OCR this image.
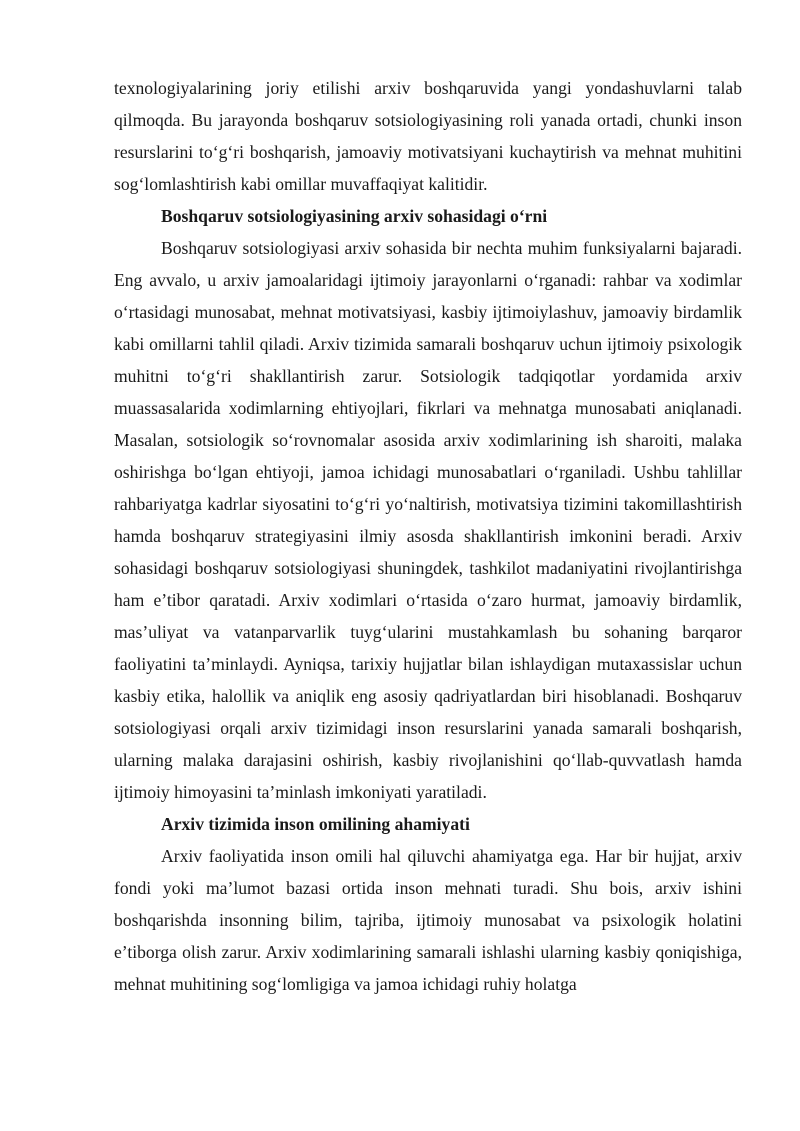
texnologiyalarining joriy etilishi arxiv boshqaruvida yangi yondashuvlarni talab qilmoqda. Bu jarayonda boshqaruv sotsiologiyasining roli yanada ortadi, chunki inson resurslarini to‘g‘ri boshqarish, jamoaviy motivatsiyani kuchaytirish va mehnat muhitini sog‘lomlashtirish kabi omillar muvaffaqiyat kalitidir.

Boshqaruv sotsiologiyasining arxiv sohasidagi o‘rni

Boshqaruv sotsiologiyasi arxiv sohasida bir nechta muhim funksiyalarni bajaradi. Eng avvalo, u arxiv jamoalaridagi ijtimoiy jarayonlarni o‘rganadi: rahbar va xodimlar o‘rtasidagi munosabat, mehnat motivatsiyasi, kasbiy ijtimoiylashuv, jamoaviy birdamlik kabi omillarni tahlil qiladi. Arxiv tizimida samarali boshqaruv uchun ijtimoiy psixologik muhitni to‘g‘ri shakllantirish zarur. Sotsiologik tadqiqotlar yordamida arxiv muassasalarida xodimlarning ehtiyojlari, fikrlari va mehnatga munosabati aniqlanadi. Masalan, sotsiologik so‘rovnomalar asosida arxiv xodimlarining ish sharoiti, malaka oshirishga bo‘lgan ehtiyoji, jamoa ichidagi munosabatlari o‘rganiladi. Ushbu tahlillar rahbariyatga kadrlar siyosatini to‘g‘ri yo‘naltirish, motivatsiya tizimini takomillashtirish hamda boshqaruv strategiyasini ilmiy asosda shakllantirish imkonini beradi. Arxiv sohasidagi boshqaruv sotsiologiyasi shuningdek, tashkilot madaniyatini rivojlantirishga ham e’tibor qaratadi. Arxiv xodimlari o‘rtasida o‘zaro hurmat, jamoaviy birdamlik, mas’uliyat va vatanparvarlik tuyg‘ularini mustahkamlash bu sohaning barqaror faoliyatini ta’minlaydi. Ayniqsa, tarixiy hujjatlar bilan ishlaydigan mutaxassislar uchun kasbiy etika, halollik va aniqlik eng asosiy qadriyatlardan biri hisoblanadi. Boshqaruv sotsiologiyasi orqali arxiv tizimidagi inson resurslarini yanada samarali boshqarish, ularning malaka darajasini oshirish, kasbiy rivojlanishini qo‘llab-quvvatlash hamda ijtimoiy himoyasini ta’minlash imkoniyati yaratiladi.

Arxiv tizimida inson omilining ahamiyati

Arxiv faoliyatida inson omili hal qiluvchi ahamiyatga ega. Har bir hujjat, arxiv fondi yoki ma’lumot bazasi ortida inson mehnati turadi. Shu bois, arxiv ishini boshqarishda insonning bilim, tajriba, ijtimoiy munosabat va psixologik holatini e’tiborga olish zarur. Arxiv xodimlarining samarali ishlashi ularning kasbiy qoniqishiga, mehnat muhitining sog‘lomligiga va jamoa ichidagi ruhiy holatga
